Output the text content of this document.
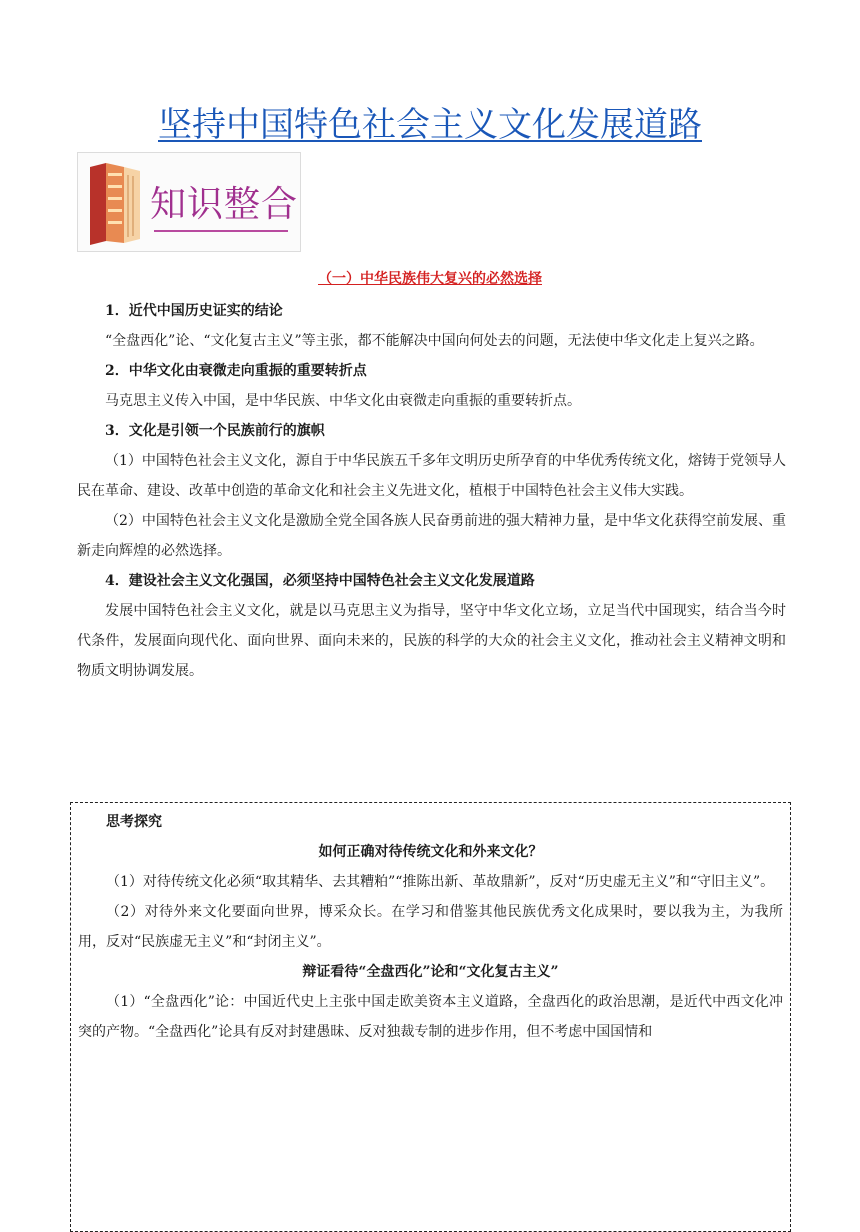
坚持中国特色社会主义文化发展道路
知识整合
（一）中华民族伟大复兴的必然选择

1．近代中国历史证实的结论

“全盘西化”论、“文化复古主义”等主张，都不能解决中国向何处去的问题，无法使中华文化走上复兴之路。

2．中华文化由衰微走向重振的重要转折点

马克思主义传入中国，是中华民族、中华文化由衰微走向重振的重要转折点。

3．文化是引领一个民族前行的旗帜

（1）中国特色社会主义文化，源自于中华民族五千多年文明历史所孕育的中华优秀传统文化，熔铸于党领导人民在革命、建设、改革中创造的革命文化和社会主义先进文化，植根于中国特色社会主义伟大实践。

（2）中国特色社会主义文化是激励全党全国各族人民奋勇前进的强大精神力量，是中华文化获得空前发展、重新走向辉煌的必然选择。

4．建设社会主义文化强国，必须坚持中国特色社会主义文化发展道路

发展中国特色社会主义文化，就是以马克思主义为指导，坚守中华文化立场，立足当代中国现实，结合当今时代条件，发展面向现代化、面向世界、面向未来的，民族的科学的大众的社会主义文化，推动社会主义精神文明和物质文明协调发展。

思考探究

如何正确对待传统文化和外来文化？

（1）对待传统文化必须“取其精华、去其糟粕”“推陈出新、革故鼎新”，反对“历史虚无主义”和“守旧主义”。

（2）对待外来文化要面向世界，博采众长。在学习和借鉴其他民族优秀文化成果时，要以我为主，为我所用，反对“民族虚无主义”和“封闭主义”。

辩证看待“全盘西化”论和“文化复古主义”

（1）“全盘西化”论：中国近代史上主张中国走欧美资本主义道路，全盘西化的政治思潮，是近代中西文化冲突的产物。“全盘西化”论具有反对封建愚昧、反对独裁专制的进步作用，但不考虑中国国情和
